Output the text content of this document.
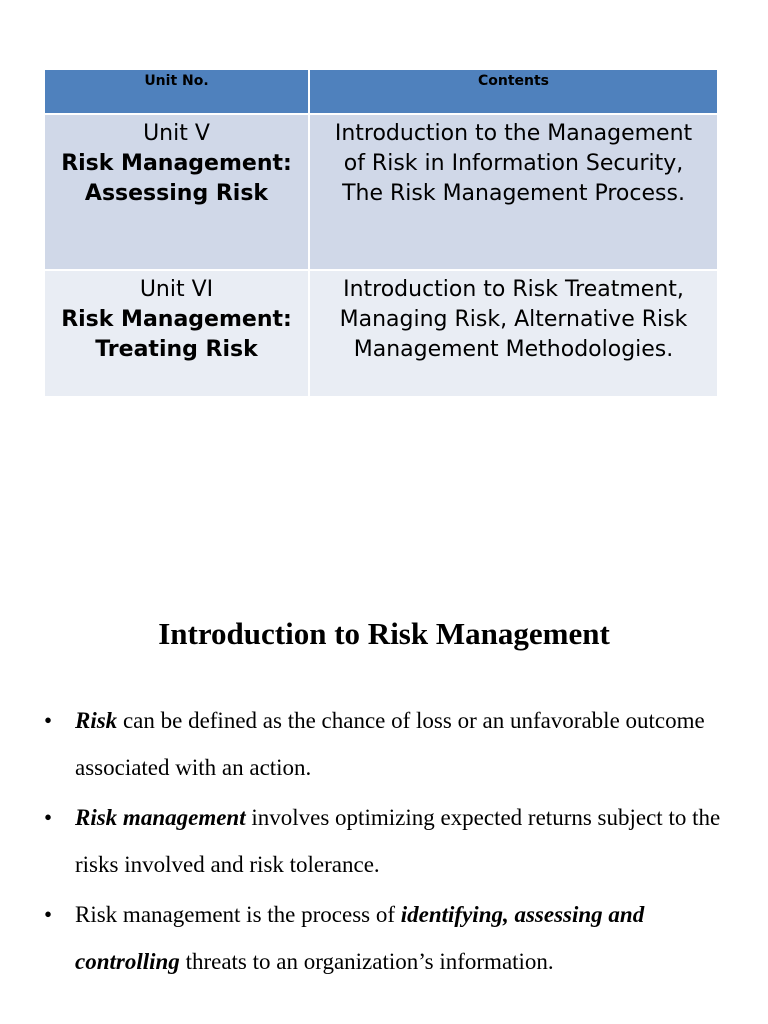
Unit No.	Contents

Unit V
Risk Management:
Assessing Risk	Introduction to the Management of Risk in Information Security, The Risk Management Process.

Unit VI
Risk Management:
Treating Risk	Introduction to Risk Treatment, Managing Risk, Alternative Risk Management Methodologies.
Introduction to Risk Management
• Risk can be defined as the chance of loss or an unfavorable outcome associated with an action.
• Risk management involves optimizing expected returns subject to the risks involved and risk tolerance.
• Risk management is the process of identifying, assessing and controlling threats to an organization’s information.
